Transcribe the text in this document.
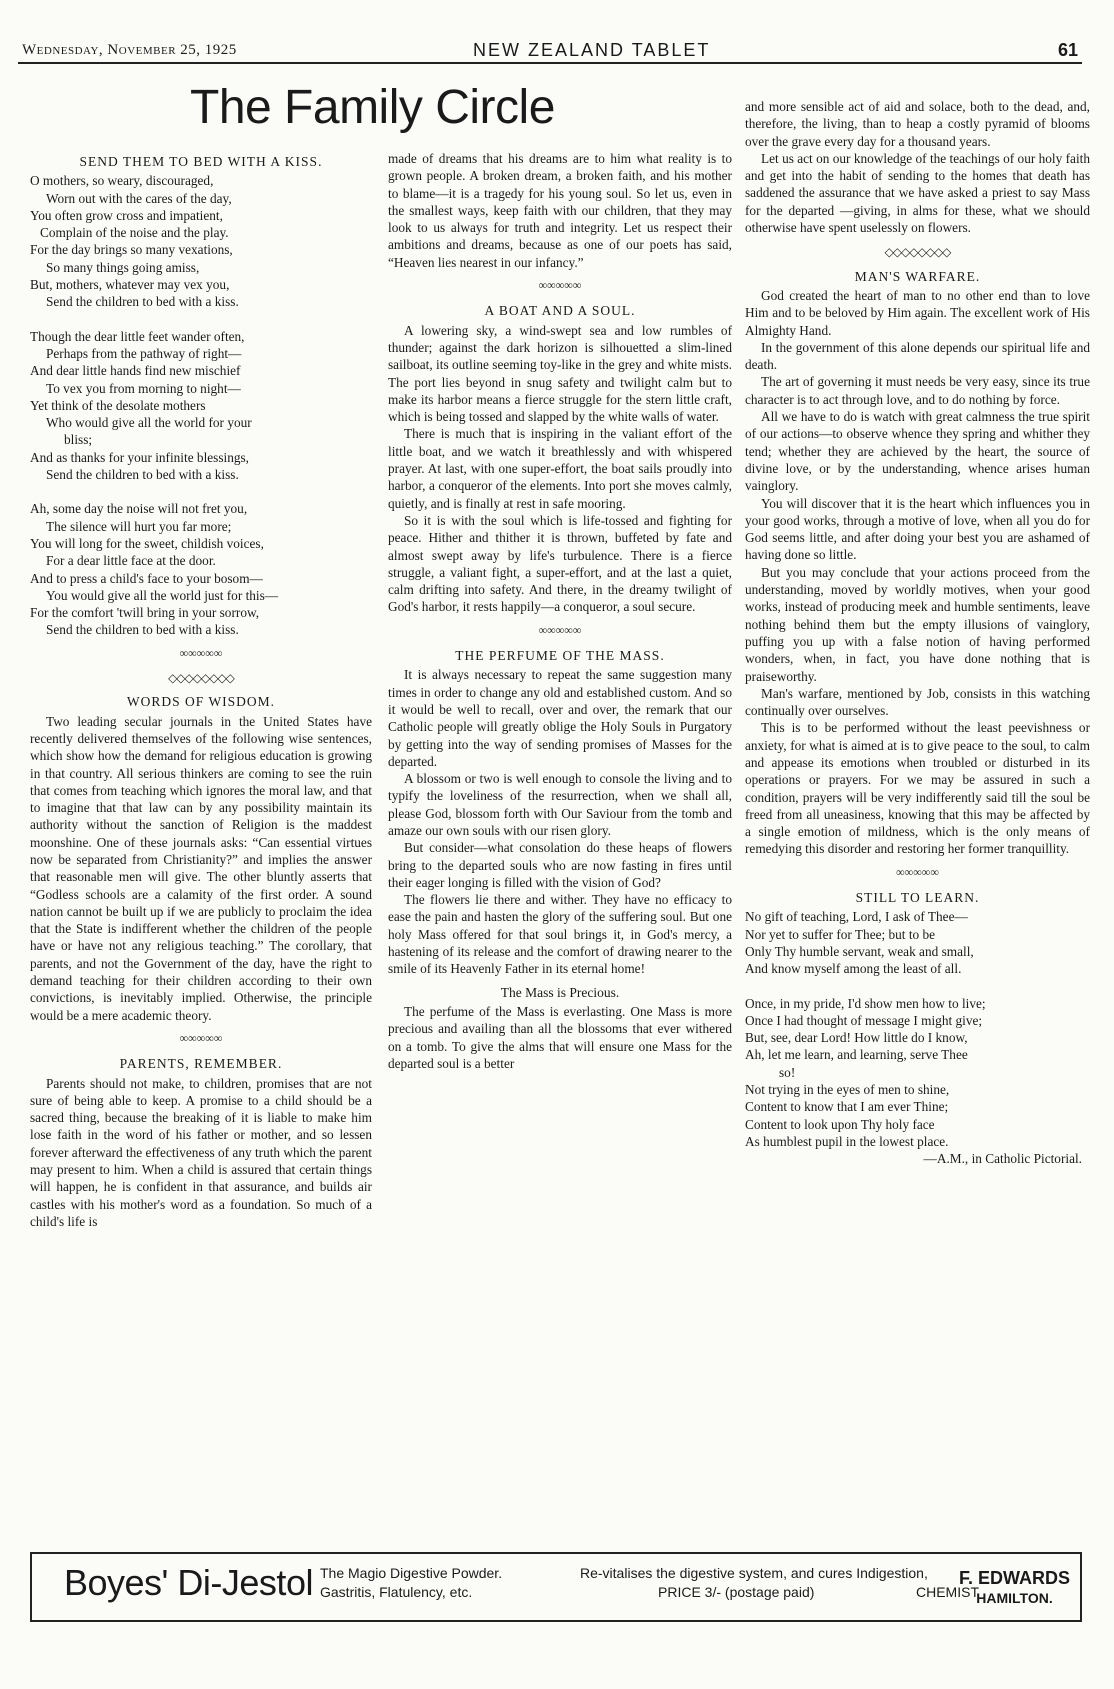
Wednesday, November 25, 1925	NEW ZEALAND TABLET	61
The Family Circle
SEND THEM TO BED WITH A KISS.
O mothers, so weary, discouraged,
Worn out with the cares of the day,
You often grow cross and impatient,
Complain of the noise and the play.
For the day brings so many vexations,
So many things going amiss,
But, mothers, whatever may vex you,
Send the children to bed with a kiss.
Though the dear little feet wander often,
Perhaps from the pathway of right—
And dear little hands find new mischief
To vex you from morning to night—
Yet think of the desolate mothers
Who would give all the world for your
bliss;
And as thanks for your infinite blessings,
Send the children to bed with a kiss.
Ah, some day the noise will not fret you,
The silence will hurt you far more;
You will long for the sweet, childish voices,
For a dear little face at the door.
And to press a child's face to your bosom—
You would give all the world just for this—
For the comfort 'twill bring in your sorrow,
Send the children to bed with a kiss.
∞∞∞∞∞
◇◇◇◇◇◇◇◇
WORDS OF WISDOM.

Two leading secular journals in the United States have recently delivered themselves of the following wise sentences, which show how the demand for religious education is growing in that country. All serious thinkers are coming to see the ruin that comes from teaching which ignores the moral law, and that to imagine that that law can by any possibility maintain its authority without the sanction of Religion is the maddest moonshine. One of these journals asks: “Can essential virtues now be separated from Christianity?” and implies the answer that reasonable men will give. The other bluntly asserts that “Godless schools are a calamity of the first order. A sound nation cannot be built up if we are publicly to proclaim the idea that the State is indifferent whether the children of the people have or have not any religious teaching.” The corollary, that parents, and not the Government of the day, have the right to demand teaching for their children according to their own convictions, is inevitably implied. Otherwise, the principle would be a mere academic theory.

∞∞∞∞∞
PARENTS, REMEMBER.

Parents should not make, to children, promises that are not sure of being able to keep. A promise to a child should be a sacred thing, because the breaking of it is liable to make him lose faith in the word of his father or mother, and so lessen forever afterward the effectiveness of any truth which the parent may present to him. When a child is assured that certain things will happen, he is confident in that assurance, and builds air castles with his mother's word as a foundation. So much of a child's life is

made of dreams that his dreams are to him what reality is to grown people. A broken dream, a broken faith, and his mother to blame—it is a tragedy for his young soul. So let us, even in the smallest ways, keep faith with our children, that they may look to us always for truth and integrity. Let us respect their ambitions and dreams, because as one of our poets has said, “Heaven lies nearest in our infancy.”

∞∞∞∞∞
A BOAT AND A SOUL.

A lowering sky, a wind-swept sea and low rumbles of thunder; against the dark horizon is silhouetted a slim-lined sailboat, its outline seeming toy-like in the grey and white mists. The port lies beyond in snug safety and twilight calm but to make its harbor means a fierce struggle for the stern little craft, which is being tossed and slapped by the white walls of water.

There is much that is inspiring in the valiant effort of the little boat, and we watch it breathlessly and with whispered prayer. At last, with one super-effort, the boat sails proudly into harbor, a conqueror of the elements. Into port she moves calmly, quietly, and is finally at rest in safe mooring.

So it is with the soul which is life-tossed and fighting for peace. Hither and thither it is thrown, buffeted by fate and almost swept away by life's turbulence. There is a fierce struggle, a valiant fight, a super-effort, and at the last a quiet, calm drifting into safety. And there, in the dreamy twilight of God's harbor, it rests happily—a conqueror, a soul secure.

∞∞∞∞∞
THE PERFUME OF THE MASS.

It is always necessary to repeat the same suggestion many times in order to change any old and established custom. And so it would be well to recall, over and over, the remark that our Catholic people will greatly oblige the Holy Souls in Purgatory by getting into the way of sending promises of Masses for the departed.

A blossom or two is well enough to console the living and to typify the loveliness of the resurrection, when we shall all, please God, blossom forth with Our Saviour from the tomb and amaze our own souls with our risen glory.

But consider—what consolation do these heaps of flowers bring to the departed souls who are now fasting in fires until their eager longing is filled with the vision of God?

The flowers lie there and wither. They have no efficacy to ease the pain and hasten the glory of the suffering soul. But one holy Mass offered for that soul brings it, in God's mercy, a hastening of its release and the comfort of drawing nearer to the smile of its Heavenly Father in its eternal home!

The Mass is Precious.

The perfume of the Mass is everlasting. One Mass is more precious and availing than all the blossoms that ever withered on a tomb. To give the alms that will ensure one Mass for the departed soul is a better

and more sensible act of aid and solace, both to the dead, and, therefore, the living, than to heap a costly pyramid of blooms over the grave every day for a thousand years.

Let us act on our knowledge of the teachings of our holy faith and get into the habit of sending to the homes that death has saddened the assurance that we have asked a priest to say Mass for the departed —giving, in alms for these, what we should otherwise have spent uselessly on flowers.

◇◇◇◇◇◇◇◇
MAN'S WARFARE.

God created the heart of man to no other end than to love Him and to be beloved by Him again. The excellent work of His Almighty Hand.

In the government of this alone depends our spiritual life and death.

The art of governing it must needs be very easy, since its true character is to act through love, and to do nothing by force.

All we have to do is watch with great calmness the true spirit of our actions—to observe whence they spring and whither they tend; whether they are achieved by the heart, the source of divine love, or by the understanding, whence arises human vainglory.

You will discover that it is the heart which influences you in your good works, through a motive of love, when all you do for God seems little, and after doing your best you are ashamed of having done so little.

But you may conclude that your actions proceed from the understanding, moved by worldly motives, when your good works, instead of producing meek and humble sentiments, leave nothing behind them but the empty illusions of vainglory, puffing you up with a false notion of having performed wonders, when, in fact, you have done nothing that is praiseworthy.

Man's warfare, mentioned by Job, consists in this watching continually over ourselves.

This is to be performed without the least peevishness or anxiety, for what is aimed at is to give peace to the soul, to calm and appease its emotions when troubled or disturbed in its operations or prayers. For we may be assured in such a condition, prayers will be very indifferently said till the soul be freed from all uneasiness, knowing that this may be affected by a single emotion of mildness, which is the only means of remedying this disorder and restoring her former tranquillity.

∞∞∞∞∞
STILL TO LEARN.
No gift of teaching, Lord, I ask of Thee—
Nor yet to suffer for Thee; but to be
Only Thy humble servant, weak and small,
And know myself among the least of all.
Once, in my pride, I'd show men how to live;
Once I had thought of message I might give;
But, see, dear Lord! How little do I know,
Ah, let me learn, and learning, serve Thee
so!
Not trying in the eyes of men to shine,
Content to know that I am ever Thine;
Content to look upon Thy holy face
As humblest pupil in the lowest place.
—A.M., in Catholic Pictorial.
Boyes' Di-Jestol The Magio Digestive Powder.
Gastritis, Flatulency, etc.
Re-vitalises the digestive system, and cures Indigestion,
PRICE 3/- (postage paid)
	CHEMIST
F. EDWARDS
HAMILTON.
